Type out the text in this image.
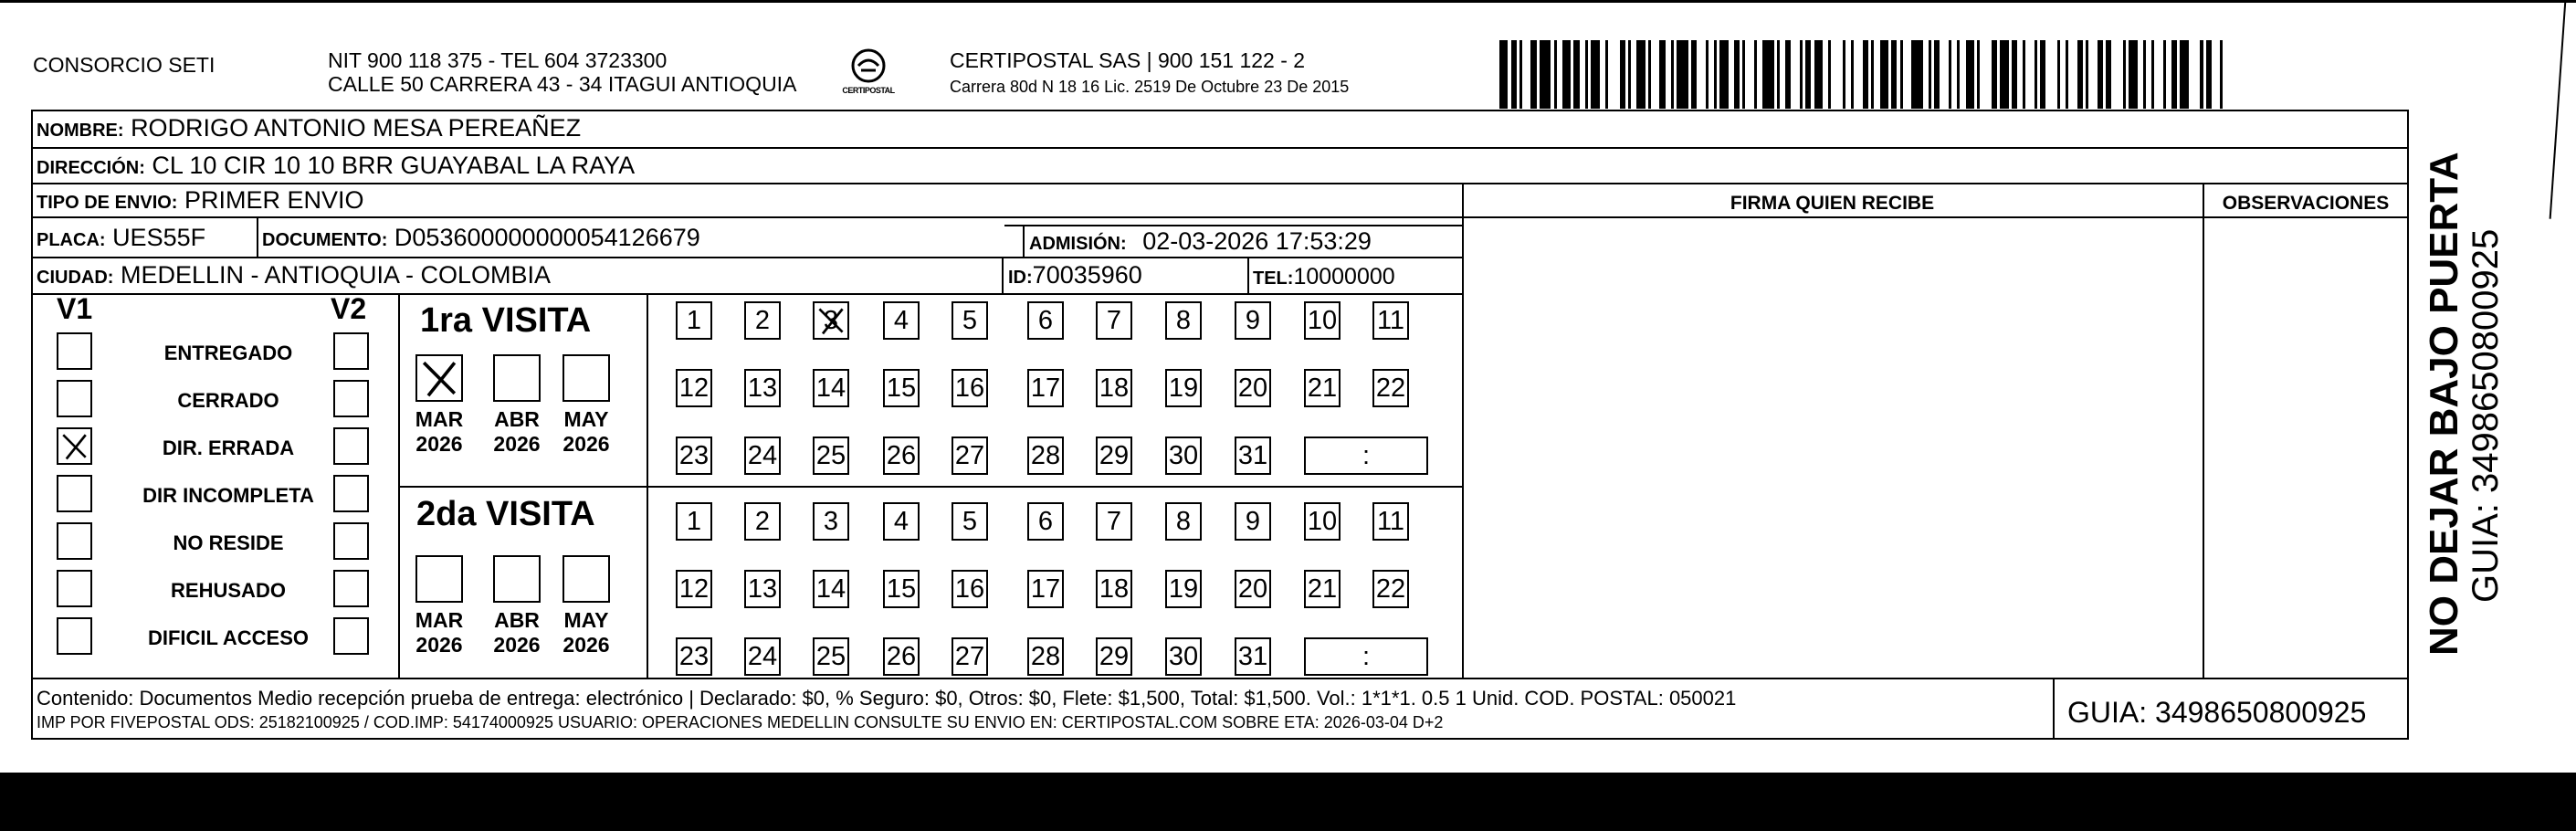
CONSORCIO SETI	NIT 900 118 375 - TEL 604 3723300
CALLE 50 CARRERA 43 - 34 ITAGUI ANTIOQUIA	CERTIPOSTAL
CERTIPOSTAL SAS | 900 151 122 - 2
Carrera 80d N 18 16 Lic. 2519 De Octubre 23 De 2015
NOMBRE: RODRIGO ANTONIO MESA PEREAÑEZ
DIRECCIÓN: CL 10 CIR 10 10 BRR GUAYABAL LA RAYA
TIPO DE ENVIO: PRIMER ENVIO
PLACA: UES55F	DOCUMENTO: D053600000000054126679	ADMISIÓN: 02-03-2026 17:53:29
CIUDAD: MEDELLIN - ANTIOQUIA - COLOMBIA	ID:70035960	TEL:10000000
FIRMA QUIEN RECIBE	OBSERVACIONES
V1	V2
ENTREGADO
CERRADO
DIR. ERRADA
DIR INCOMPLETA
NO RESIDE
REHUSADO
DIFICIL ACCESO
1ra VISITA
MAR
2026
ABR
2026
MAY
2026
1	2	3	4	5	6	7	8	9	10 11
12 13 14 15 16 17 18 19 20 21 22
23 24 25 26 27 28 29 30 31	:
2da VISITA
MAR
2026
ABR
2026
MAY
2026
1	2	3	4	5	6	7	8	9	10 11
12 13 14 15 16 17 18 19 20 21 22
23 24 25 26 27 28 29 30 31	:
Contenido: Documentos Medio recepción prueba de entrega: electrónico | Declarado: $0, % Seguro: $0, Otros: $0, Flete: $1,500, Total: $1,500. Vol.: 1*1*1. 0.5 1 Unid. COD. POSTAL: 050021
IMP POR FIVEPOSTAL ODS: 25182100925 / COD.IMP: 54174000925 USUARIO: OPERACIONES MEDELLIN CONSULTE SU ENVIO EN: CERTIPOSTAL.COM SOBRE ETA: 2026-03-04 D+2	GUIA: 3498650800925
NO DEJAR BAJO PUERTA GUIA: 3498650800925
